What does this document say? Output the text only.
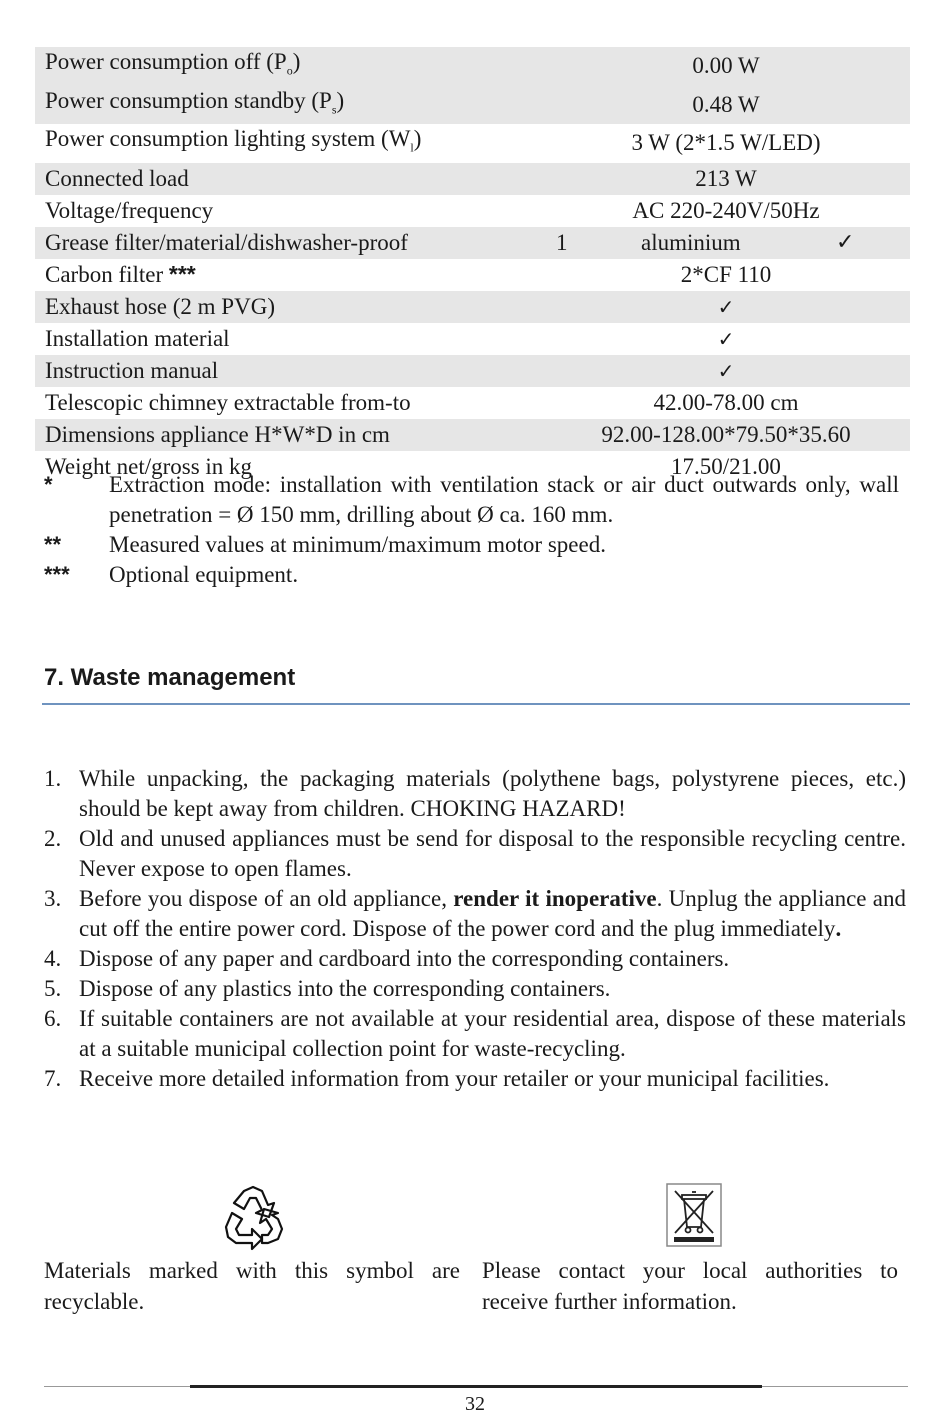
Power consumption off $(P_o)$	0.00 W
Power consumption standby $(P_s)$	0.48 W
Power consumption lighting system $(W_l)$	3 W (2*1.5 W/LED)
Connected load	213 W
Voltage/frequency	AC 220-240V/50Hz
Grease filter/material/dishwasher-proof	1 aluminium ✓

Carbon filter ***	2*CF 110
Exhaust hose (2 m PVG)	✓
Installation material	✓
Instruction manual	✓
Telescopic chimney extractable from-to	42.00-78.00 cm
Dimensions appliance H*W*D in cm	92.00-128.00*79.50*35.60
Weight net/gross in kg	17.50/21.00
*	Extraction mode: installation with ventilation stack or air duct outwards only, wall penetration = Ø 150 mm, drilling about Ø ca. 160 mm.
**	Measured values at minimum/maximum motor speed.
***	Optional equipment.
7. Waste management
1. While unpacking, the packaging materials (polythene bags, polystyrene pieces, etc.) should be kept away from children. CHOKING HAZARD!
2. Old and unused appliances must be send for disposal to the responsible recycling centre. Never expose to open flames.
3. Before you dispose of an old appliance, render it inoperative. Unplug the appliance and cut off the entire power cord. Dispose of the power cord and the plug immediately.
4. Dispose of any paper and cardboard into the corresponding containers.
5. Dispose of any plastics into the corresponding containers.
6. If suitable containers are not available at your residential area, dispose of these materials at a suitable municipal collection point for waste-recycling.
7. Receive more detailed information from your retailer or your municipal facilities.
Materials marked with this symbol are recyclable.
Please contact your local authorities to receive further information.
32
